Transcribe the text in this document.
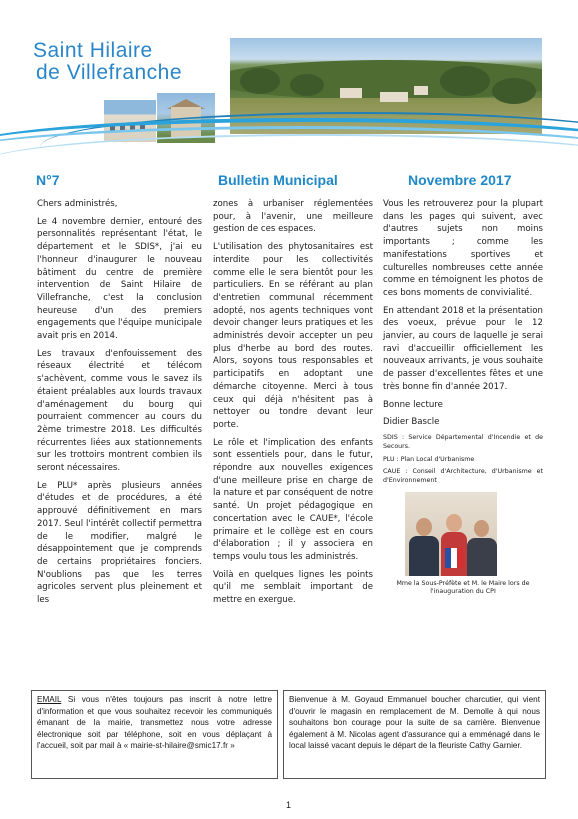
Saint Hilaire
de Villefranche
N°7	Bulletin Municipal	Novembre 2017

Chers administrés,

Le 4 novembre dernier, entouré des personnalités représentant l'état, le département et le SDIS*, j'ai eu l'honneur d'inaugurer le nouveau bâtiment du centre de première intervention de Saint Hilaire de Villefranche, c'est la conclusion heureuse d'un des premiers engagements que l'équipe municipale avait pris en 2014.

Les travaux d'enfouissement des réseaux électrité et télécom s'achèvent, comme vous le savez ils étaient préalables aux lourds travaux d'aménagement du bourg qui pourraient commencer au cours du 2ème trimestre 2018. Les difficultés récurrentes liées aux stationnements sur les trottoirs montrent combien ils seront nécessaires.

Le PLU* après plusieurs années d'études et de procédures, a été approuvé définitivement en mars 2017. Seul l'intérêt collectif permettra de le modifier, malgré le désappointement que je comprends de certains propriétaires fonciers. N'oublions pas que les terres agricoles servent plus pleinement et les

zones à urbaniser réglementées pour, à l'avenir, une meilleure gestion de ces espaces.

L'utilisation des phytosanitaires est interdite pour les collectivités comme elle le sera bientôt pour les particuliers. En se référant au plan d'entretien communal récemment adopté, nos agents techniques vont devoir changer leurs pratiques et les administrés devoir accepter un peu plus d'herbe au bord des routes. Alors, soyons tous responsables et participatifs en adoptant une démarche citoyenne. Merci à tous ceux qui déjà n'hésitent pas à nettoyer ou tondre devant leur porte.

Le rôle et l'implication des enfants sont essentiels pour, dans le futur, répondre aux nouvelles exigences d'une meilleure prise en charge de la nature et par conséquent de notre santé. Un projet pédagogique en concertation avec le CAUE*, l'école primaire et le collège est en cours d'élaboration ; il y associera en temps voulu tous les administrés.

Voilà en quelques lignes les points qu'il me semblait important de mettre en exergue.

Vous les retrouverez pour la plupart dans les pages qui suivent, avec d'autres sujets non moins importants ; comme les manifestations sportives et culturelles nombreuses cette année comme en témoignent les photos de ces bons moments de convivialité.

En attendant 2018 et la présentation des voeux, prévue pour le 12 janvier, au cours de laquelle je serai ravi d'accueillir officiellement les nouveaux arrivants, je vous souhaite de passer d'excellentes fêtes et une très bonne fin d'année 2017.

Bonne lecture

Didier Bascle

SDIS : Service Départemental d'Incendie et de Secours.

PLU : Plan Local d'Urbanisme

CAUE : Conseil d'Architecture, d'Urbanisme et d'Environnement

Mme la Sous-Préfète et M. le Maire lors de l'inauguration du CPI

EMAIL Si vous n'êtes toujours pas inscrit à notre lettre d'information et que vous souhaitez recevoir les communiqués émanant de la mairie, transmettez nous votre adresse électronique soit par téléphone, soit en vous déplaçant à l'accueil, soit par mail à « mairie-st-hilaire@smic17.fr »
Bienvenue à M. Goyaud Emmanuel boucher charcutier, qui vient d'ouvrir le magasin en remplacement de M. Demolle à qui nous souhaitons bon courage pour la suite de sa carrière. Bienvenue également à M. Nicolas agent d'assurance qui a emménagé dans le local laissé vacant depuis le départ de la fleuriste Cathy Garnier.
1
